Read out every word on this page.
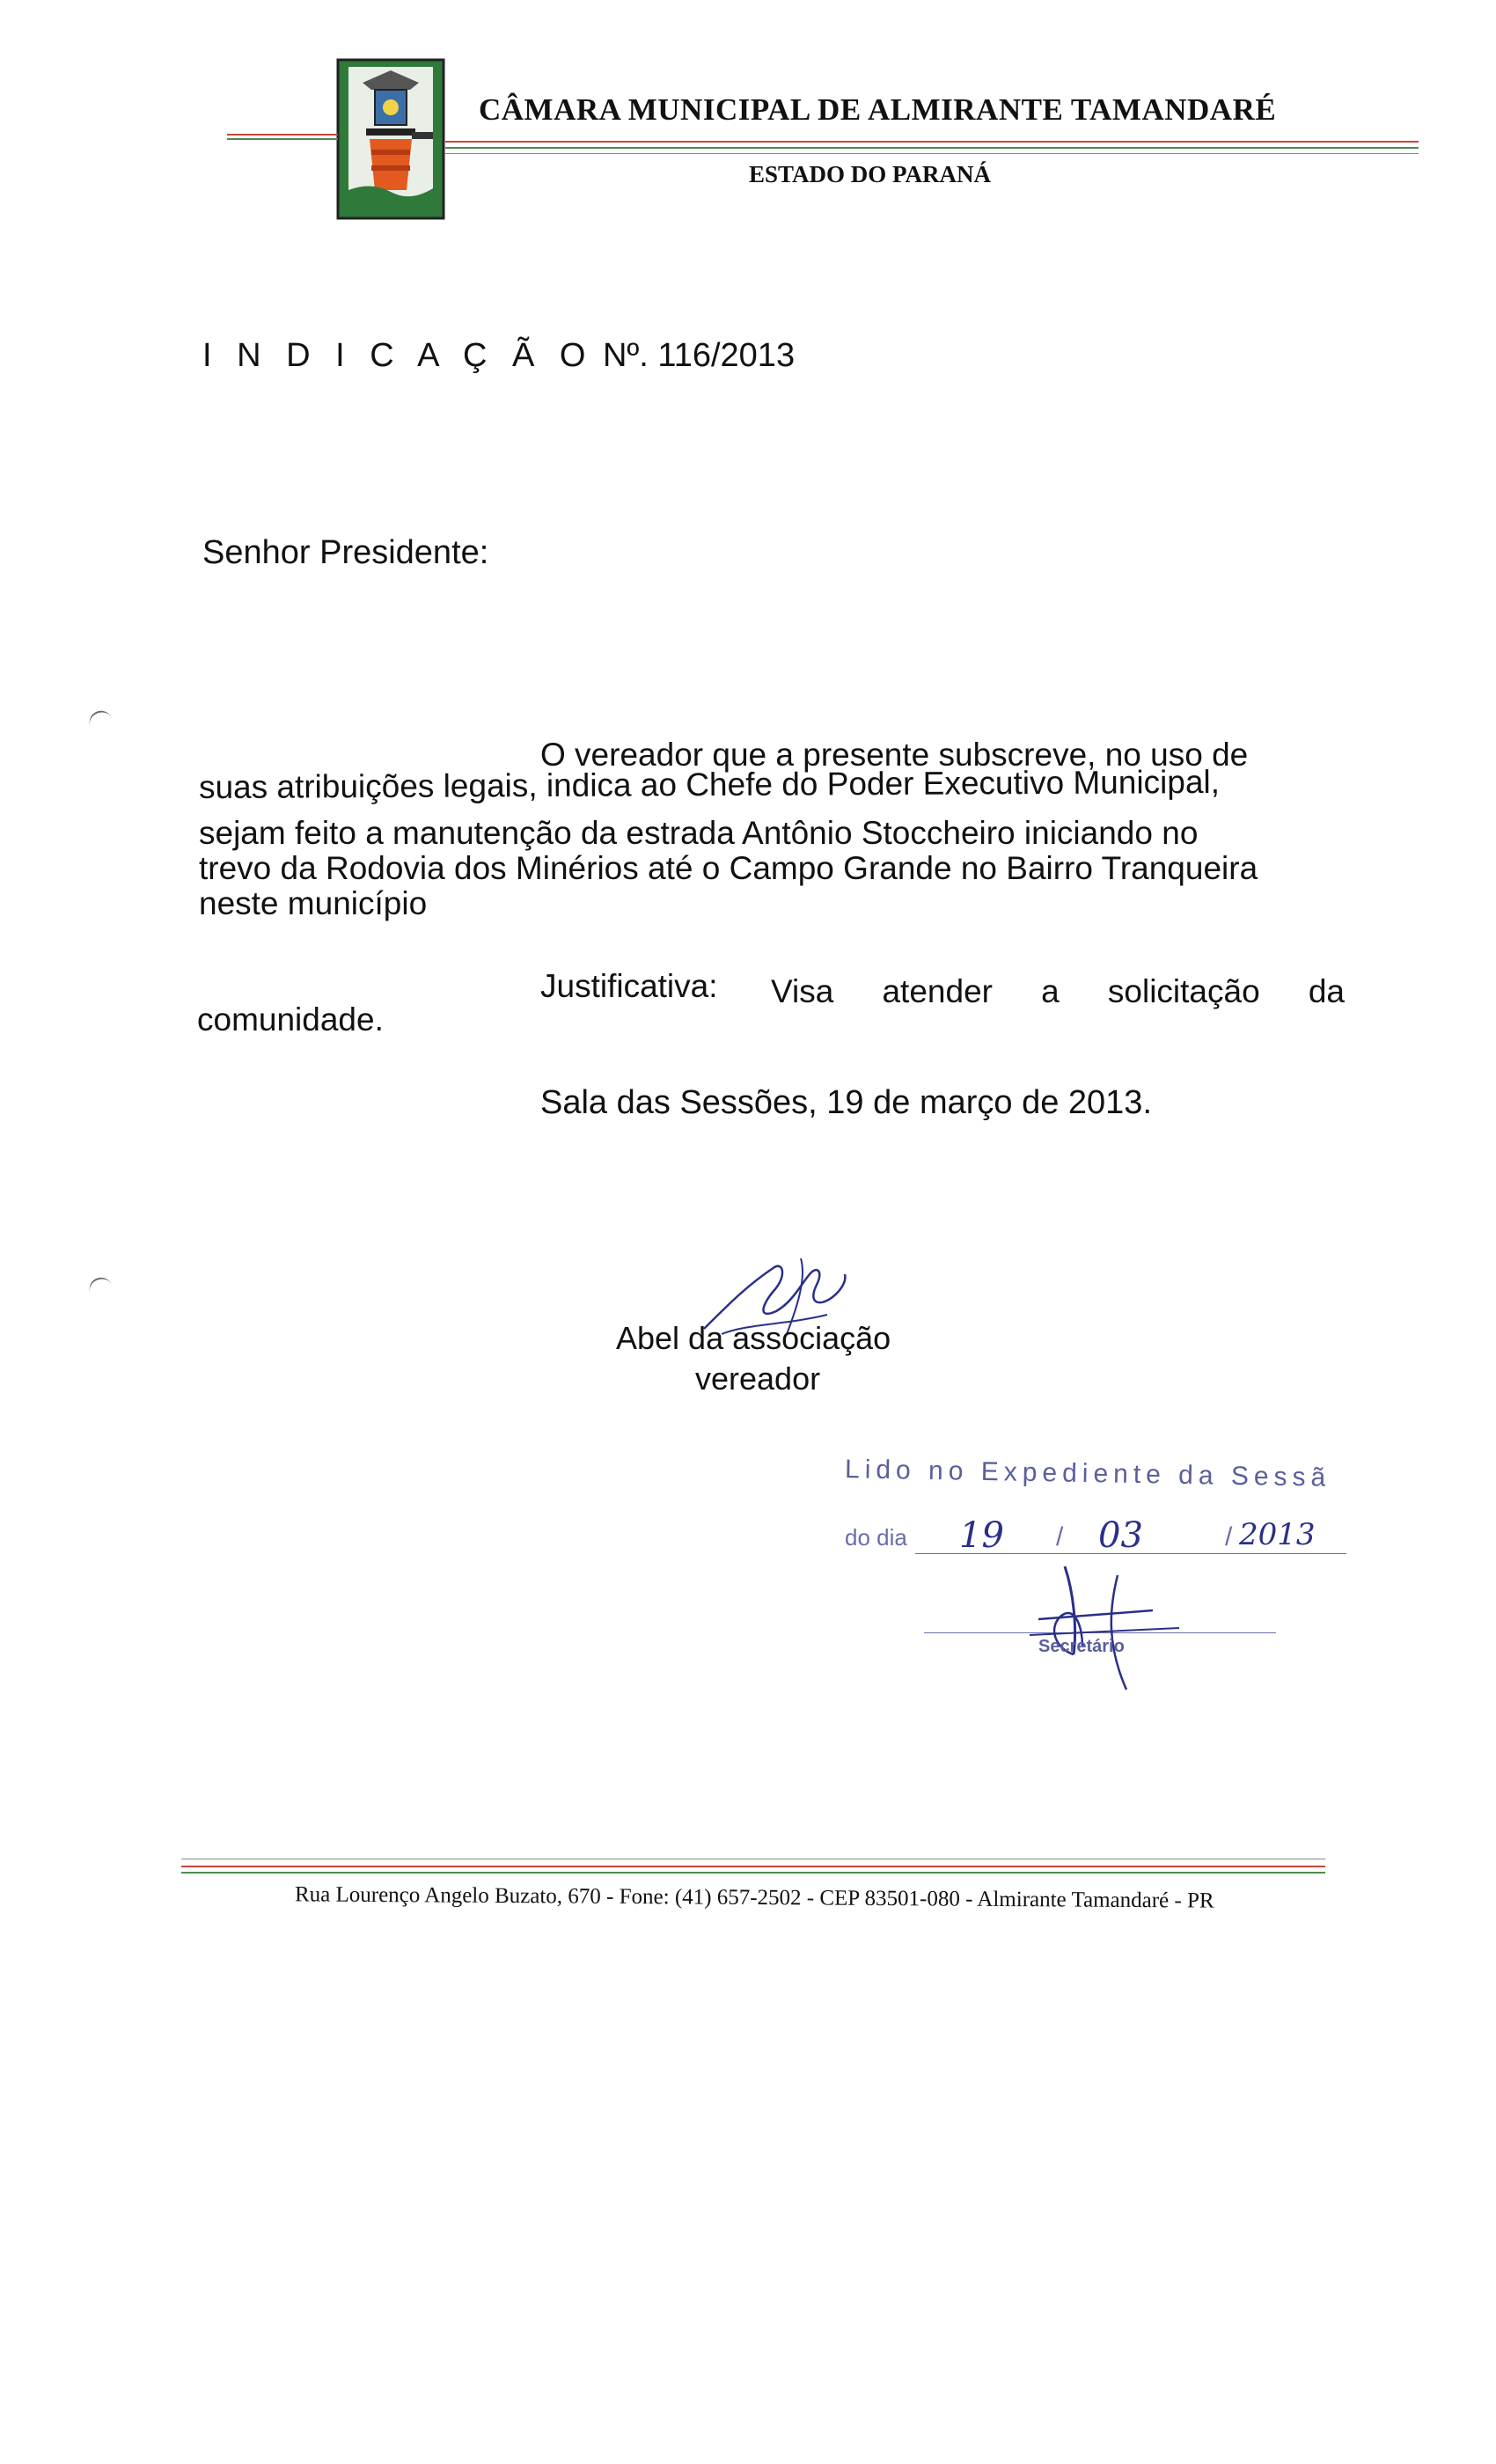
CÂMARA MUNICIPAL DE ALMIRANTE TAMANDARÉ
ESTADO DO PARANÁ
I N D I C A Ç Ã O Nº. 116/2013
Senhor Presidente:
O vereador que a presente subscreve, no uso de
suas atribuições legais, indica ao Chefe do Poder Executivo Municipal,
sejam feito a manutenção da estrada Antônio Stoccheiro iniciando no
trevo da Rodovia dos Minérios até o Campo Grande no Bairro Tranqueira
neste município
Justificativa: Visa atender a solicitação da
comunidade.
Sala das Sessões, 19 de março de 2013.
Abel da associação
vereador
Lido no Expediente da Sessã
do dia 19 / 03	/ 2013
Secretário
Rua Lourenço Angelo Buzato, 670 - Fone: (41) 657-2502 - CEP 83501-080 - Almirante Tamandaré - PR
